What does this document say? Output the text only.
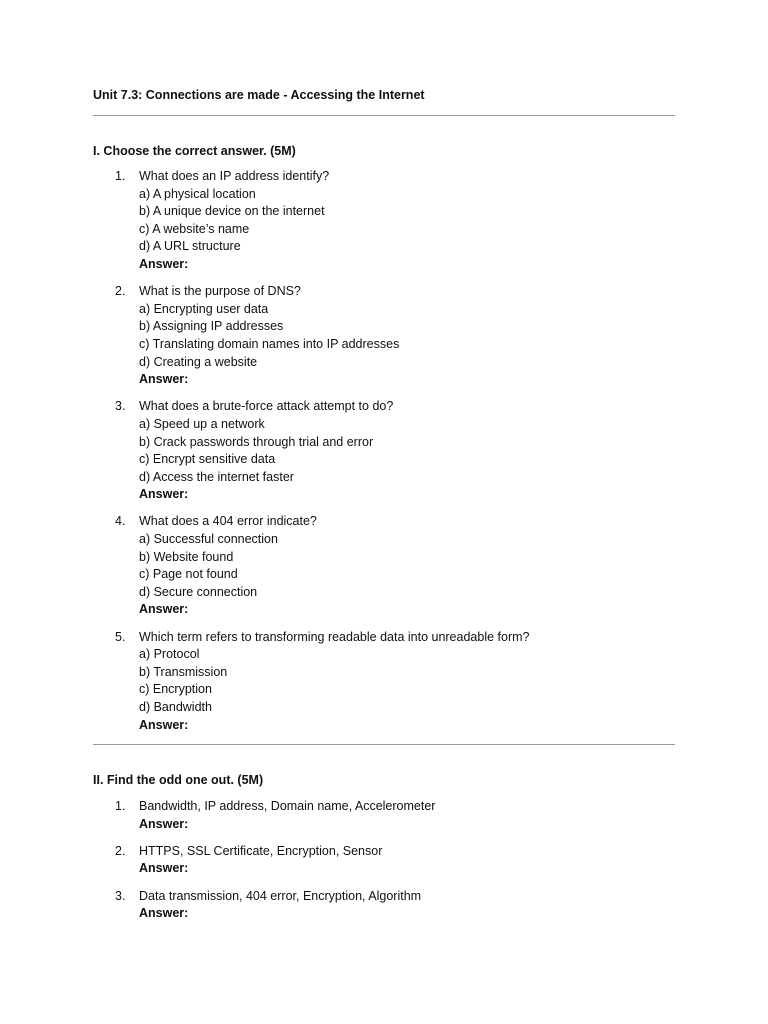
Unit 7.3: Connections are made - Accessing the Internet

I. Choose the correct answer. (5M)

1. What does an IP address identify?
a) A physical location
b) A unique device on the internet
c) A website’s name
d) A URL structure
Answer:
2. What is the purpose of DNS?
a) Encrypting user data
b) Assigning IP addresses
c) Translating domain names into IP addresses
d) Creating a website
Answer:
3. What does a brute-force attack attempt to do?
a) Speed up a network
b) Crack passwords through trial and error
c) Encrypt sensitive data
d) Access the internet faster
Answer:
4. What does a 404 error indicate?
a) Successful connection
b) Website found
c) Page not found
d) Secure connection
Answer:
5. Which term refers to transforming readable data into unreadable form?
a) Protocol
b) Transmission
c) Encryption
d) Bandwidth
Answer:

II. Find the odd one out. (5M)

1. Bandwidth, IP address, Domain name, Accelerometer
Answer:
2. HTTPS, SSL Certificate, Encryption, Sensor
Answer:
3. Data transmission, 404 error, Encryption, Algorithm
Answer:
